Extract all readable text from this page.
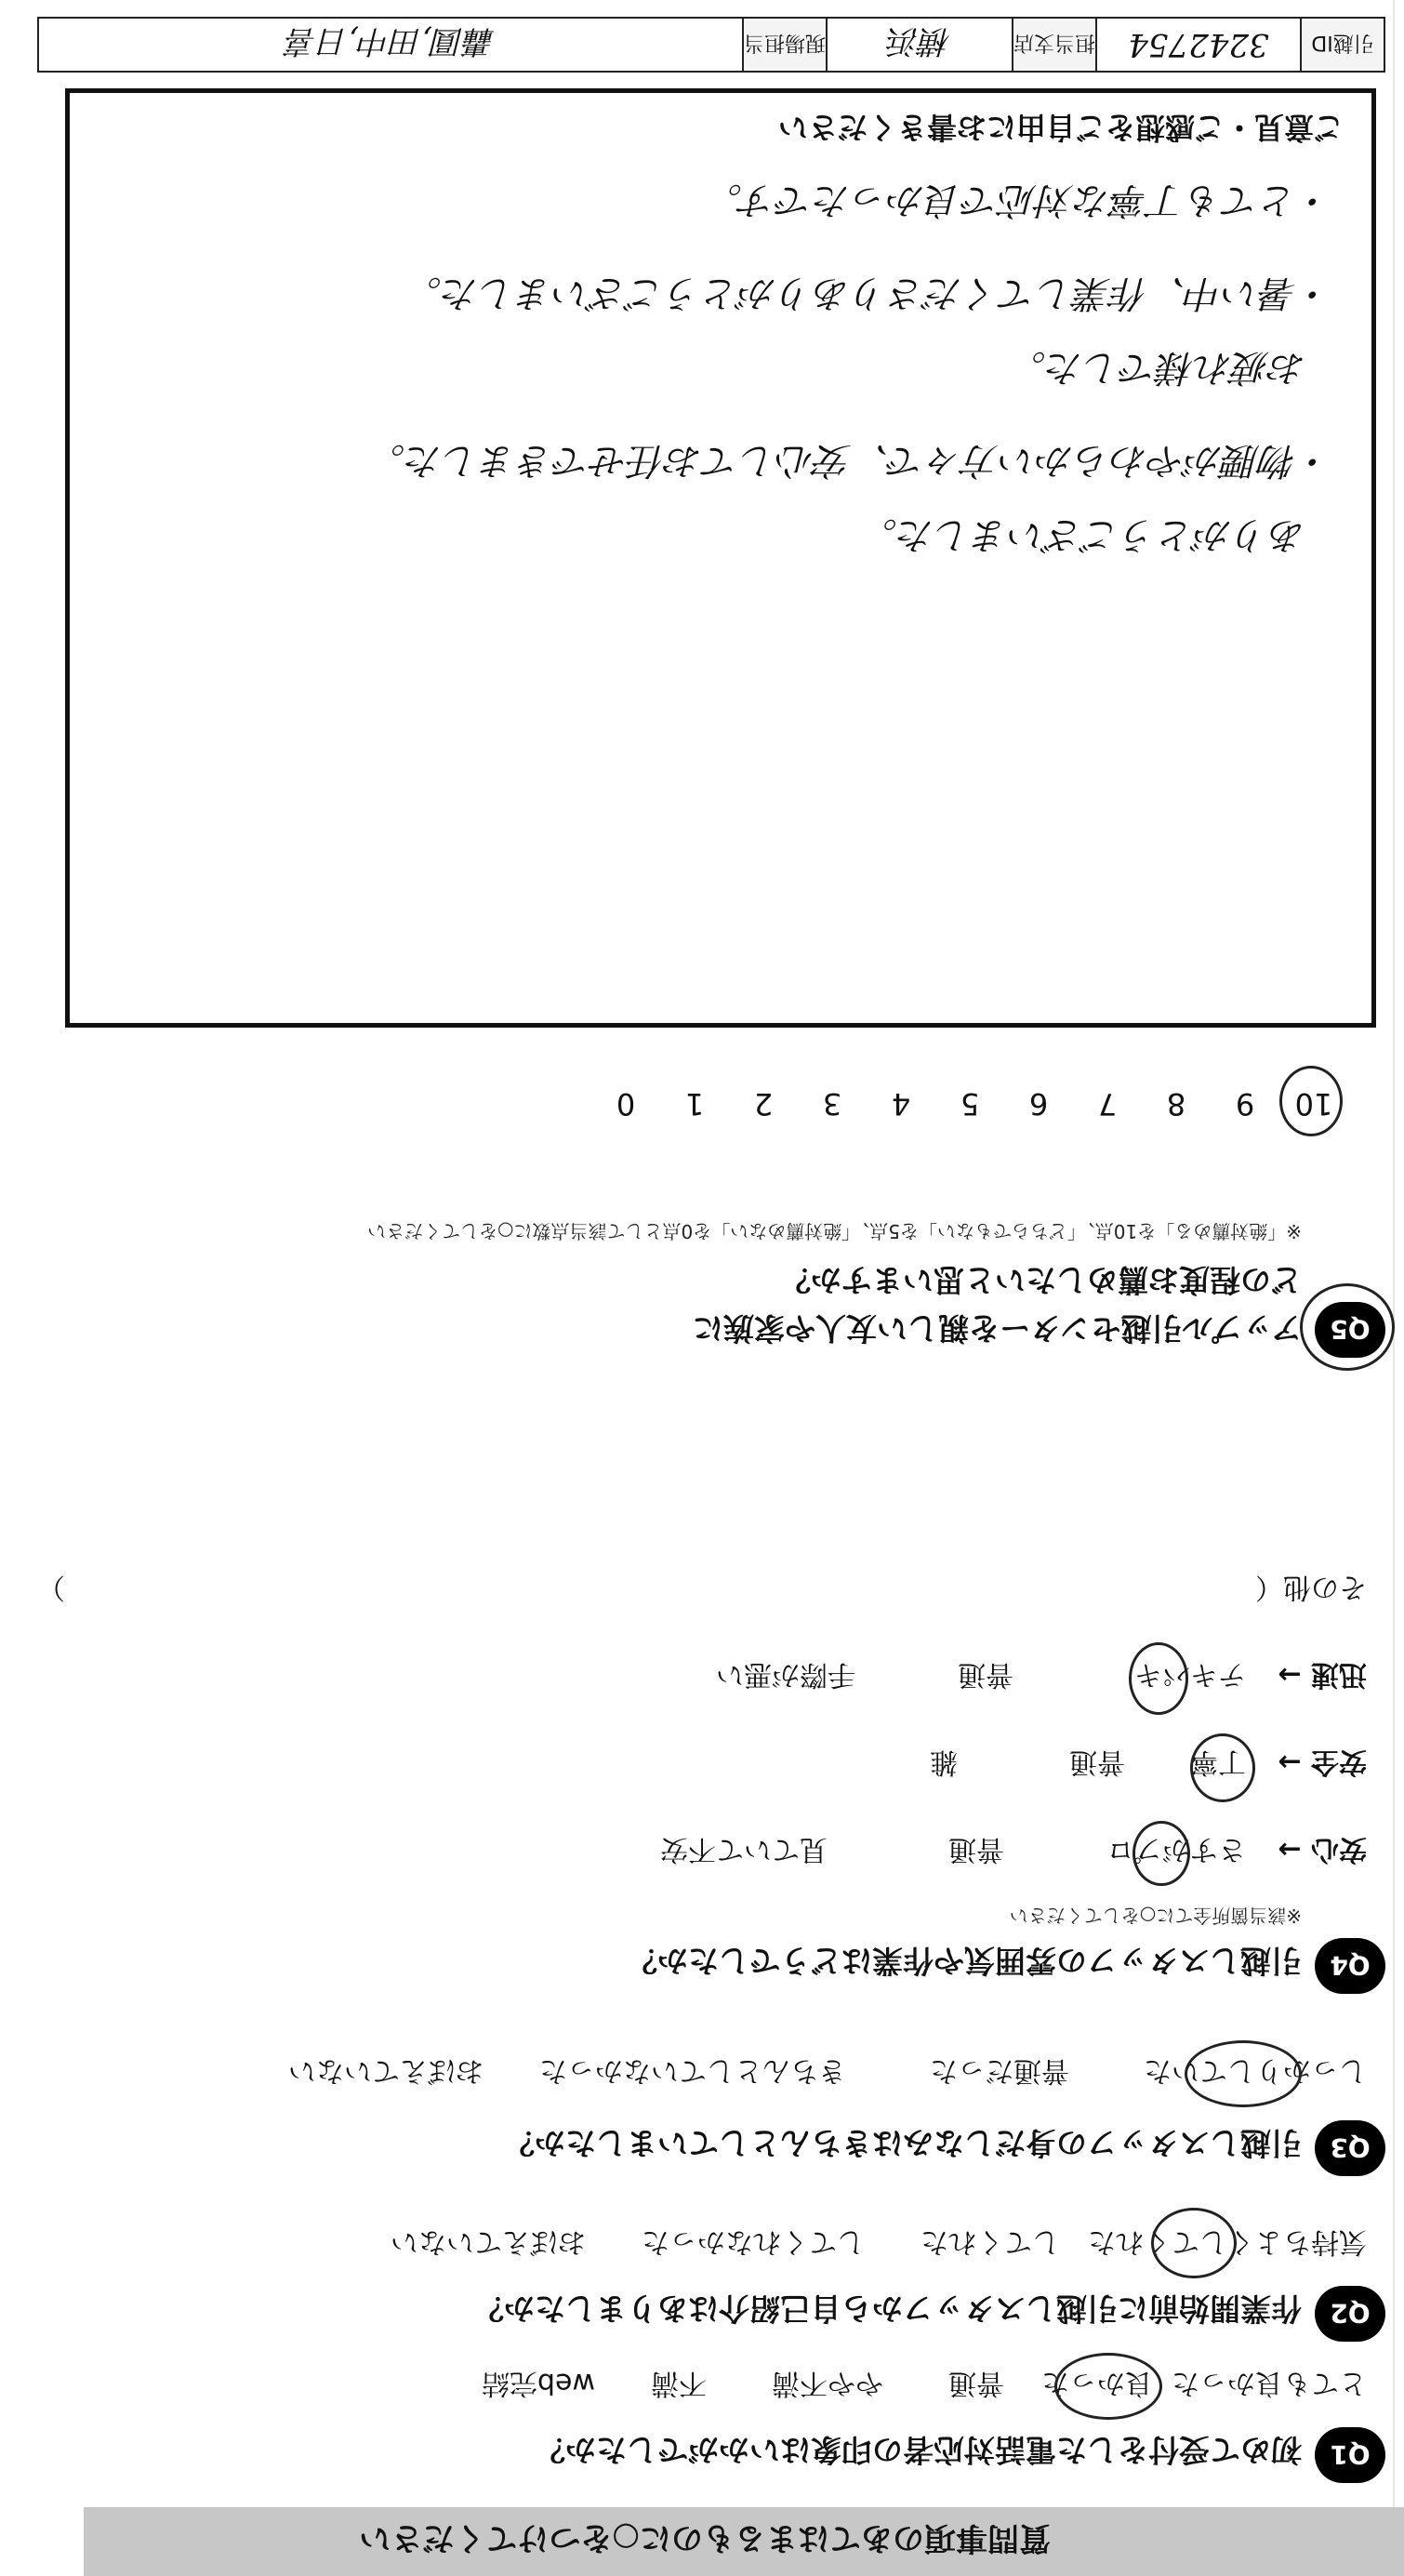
質問事項のあてはまるものに○をつけてください
Q1
初めて受付をした電話対応者の印象はいかがでしたか？
とても良かった
良かった
普通
やや不満
不満
web完結
Q2
作業開始前に引越しスタッフから自己紹介はありましたか？
気持ちよくしてくれた
してくれた
してくれなかった
おぼえていない
Q3
引越しスタッフの身だしなみはきちんとしていましたか？
しっかりしていた
普通だった
きちんとしていなかった
おぼえていない
Q4
引越しスタッフの雰囲気や作業はどうでしたか？
※該当箇所全てに○をしてください
安心 →
さすがプロ
普通
見ていて不安
安全 →
丁寧
普通
雑
迅速 →
テキパキ
普通
手際が悪い
その他（
）
Q5
アップル引越センターを親しい友人や家族に
どの程度お薦めしたいと思いますか？
※「絶対薦める」を10点、「どちらでもない」を5点、「絶対薦めない」を0点として該当点数に○をしてください
10
9
8
7
6
5
4
3
2
1
0
ご意見・ご感想をご自由にお書きください
・とても丁寧な対応で良かったです。
・暑い中、作業してくださりありがとうございました。
お疲れ様でした。
・物腰がやわらかい方々で、安心してお任せできました。
ありがとうございました。
引越ID
3242754
担当支店
横浜
現場担当
轟圓,田中,日喜
